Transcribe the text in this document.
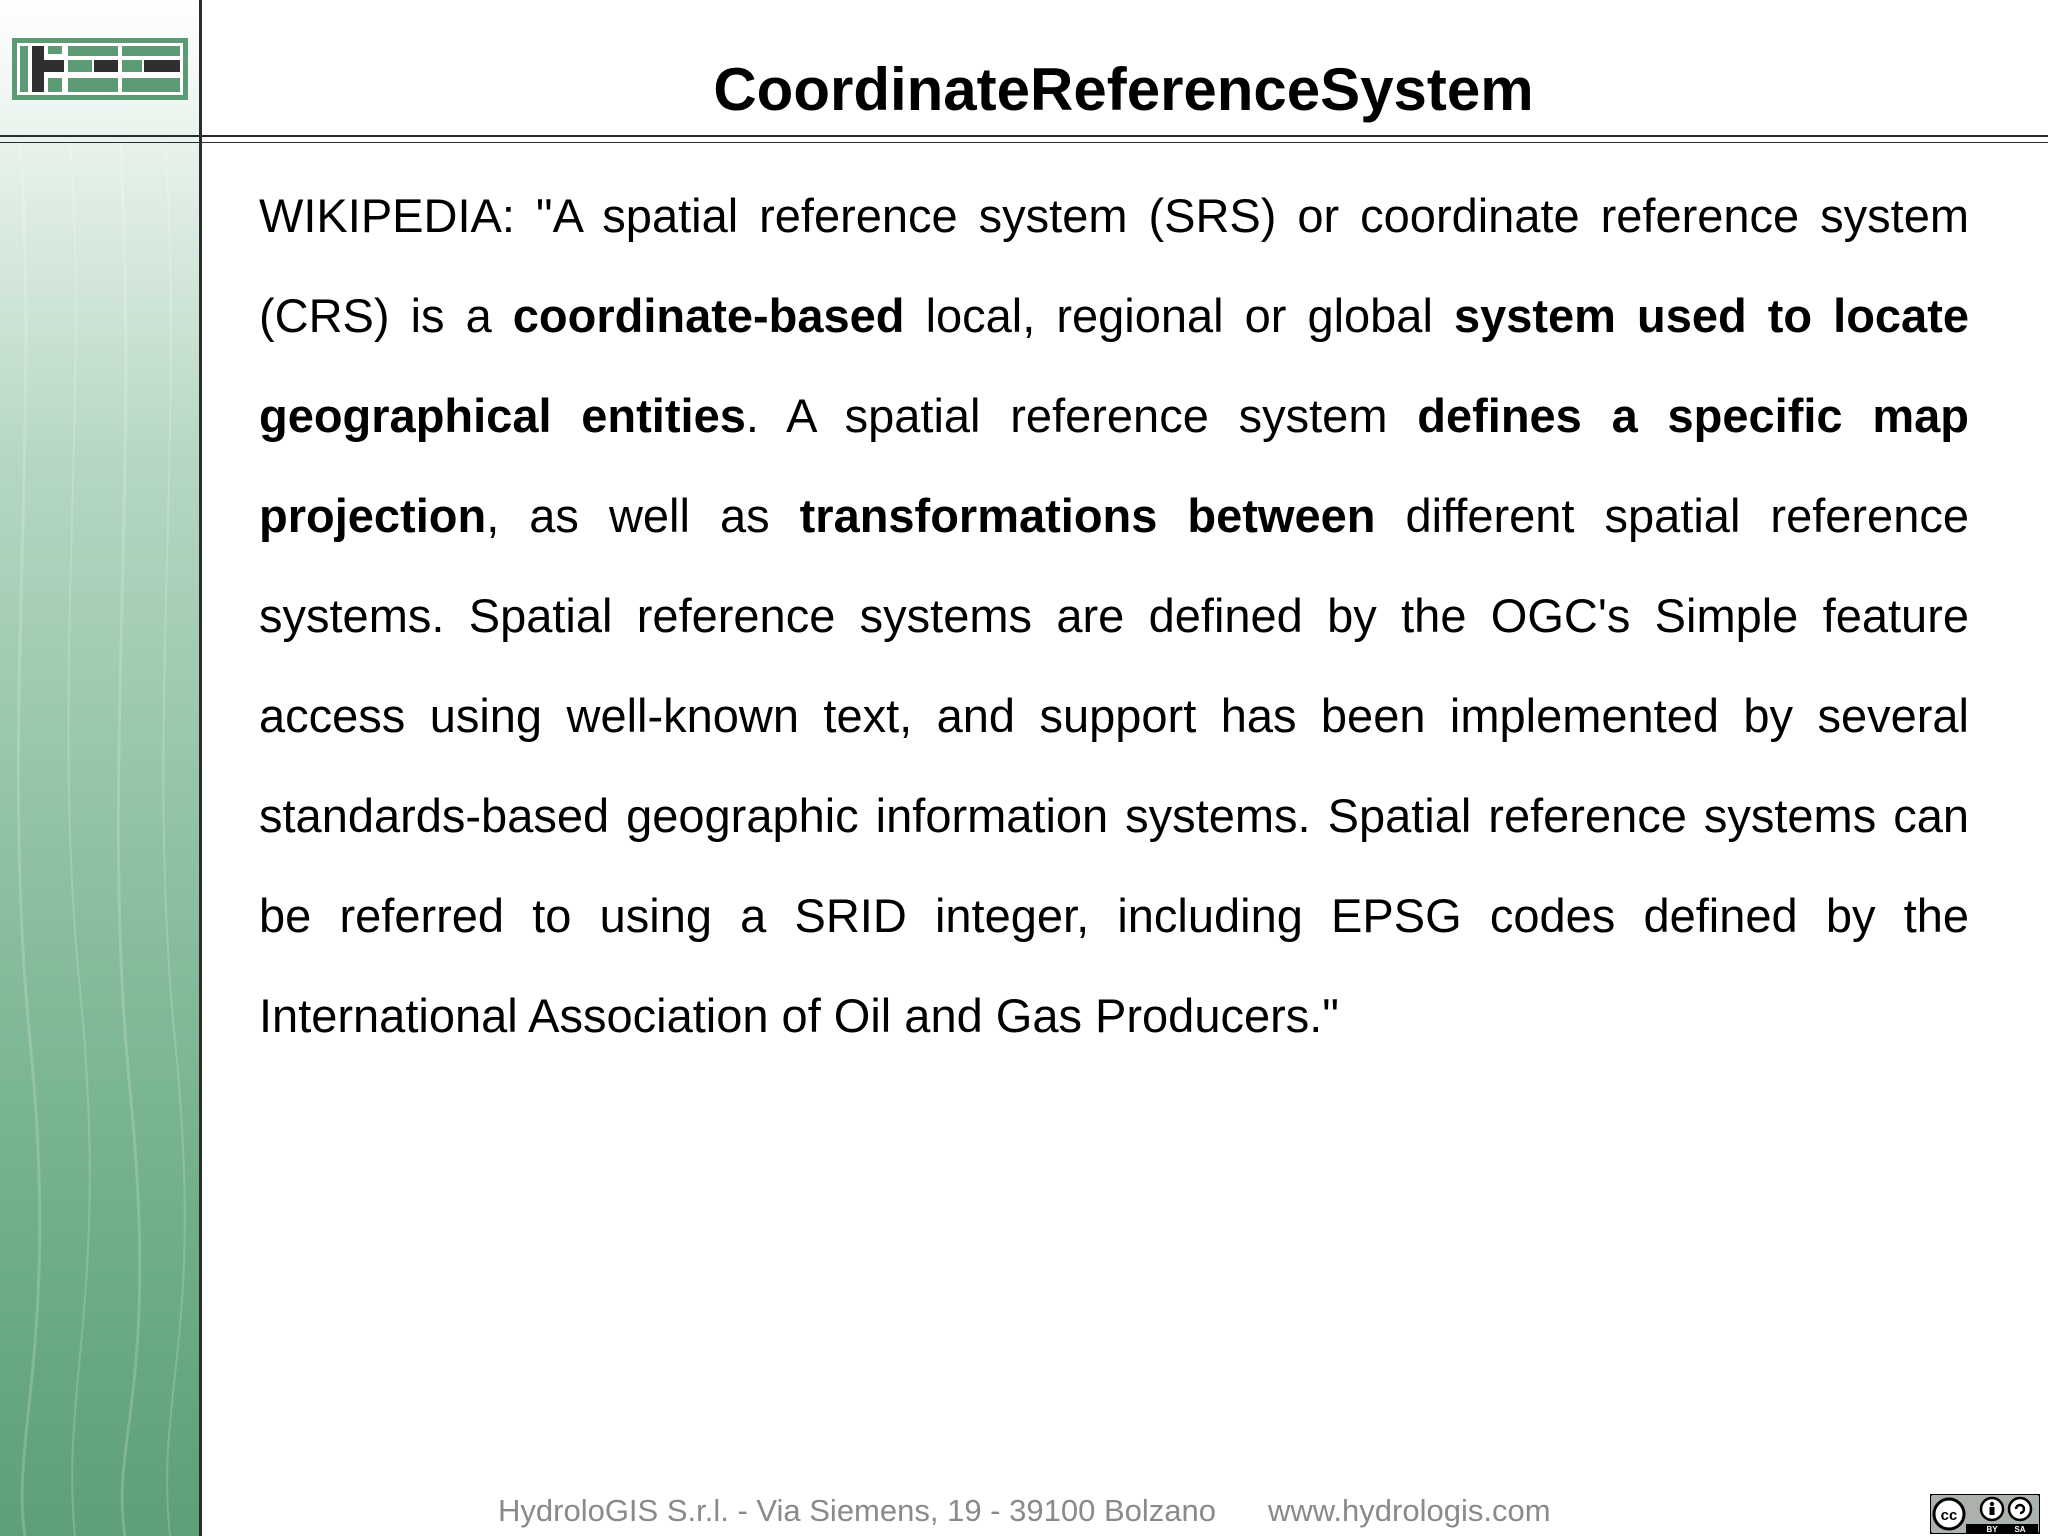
CoordinateReferenceSystem
WIKIPEDIA: "A spatial reference system (SRS) or coordinate reference system (CRS) is a coordinate-based local, regional or global system used to locate geographical entities. A spatial reference system defines a specific map projection, as well as transformations between different spatial reference systems. Spatial reference systems are defined by the OGC's Simple feature access using well-known text, and support has been implemented by several standards-based geographic information systems. Spatial reference systems can be referred to using a SRID integer, including EPSG codes defined by the International Association of Oil and Gas Producers."
HydroloGIS S.r.l. - Via Siemens, 19 - 39100 Bolzano www.hydrologis.com	cc
BY SA
